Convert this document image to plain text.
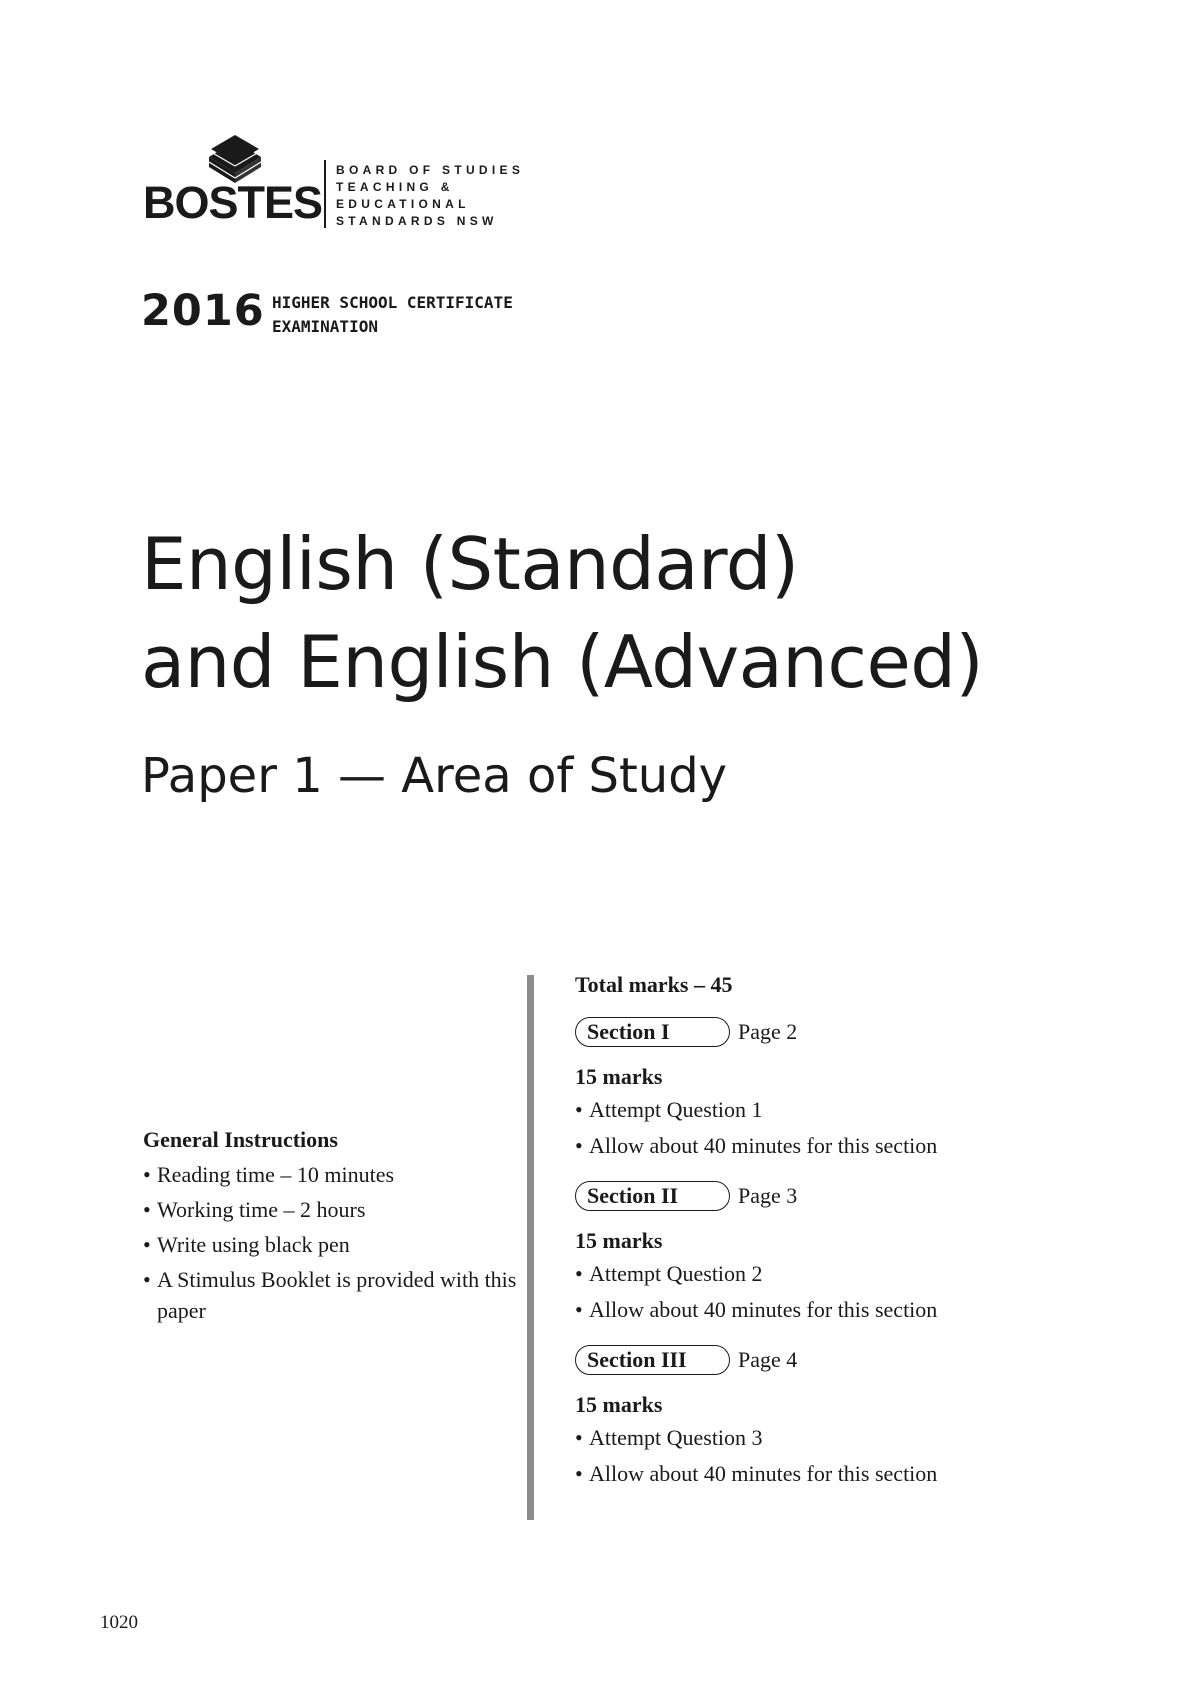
BOSTES
BOARD OF STUDIES
TEACHING &
EDUCATIONAL
STANDARDS NSW
2016 HIGHER SCHOOL CERTIFICATE
EXAMINATION
English (Standard)
and English (Advanced)
Paper 1 — Area of Study
General Instructions
• Reading time – 10 minutes
• Working time – 2 hours
• Write using black pen
• A Stimulus Booklet is provided with this paper
Total marks – 45
Section I	Page 2
15 marks
• Attempt Question 1
• Allow about 40 minutes for this section
Section II	Page 3
15 marks
• Attempt Question 2
• Allow about 40 minutes for this section
Section III	Page 4
15 marks
• Attempt Question 3
• Allow about 40 minutes for this section
1020
